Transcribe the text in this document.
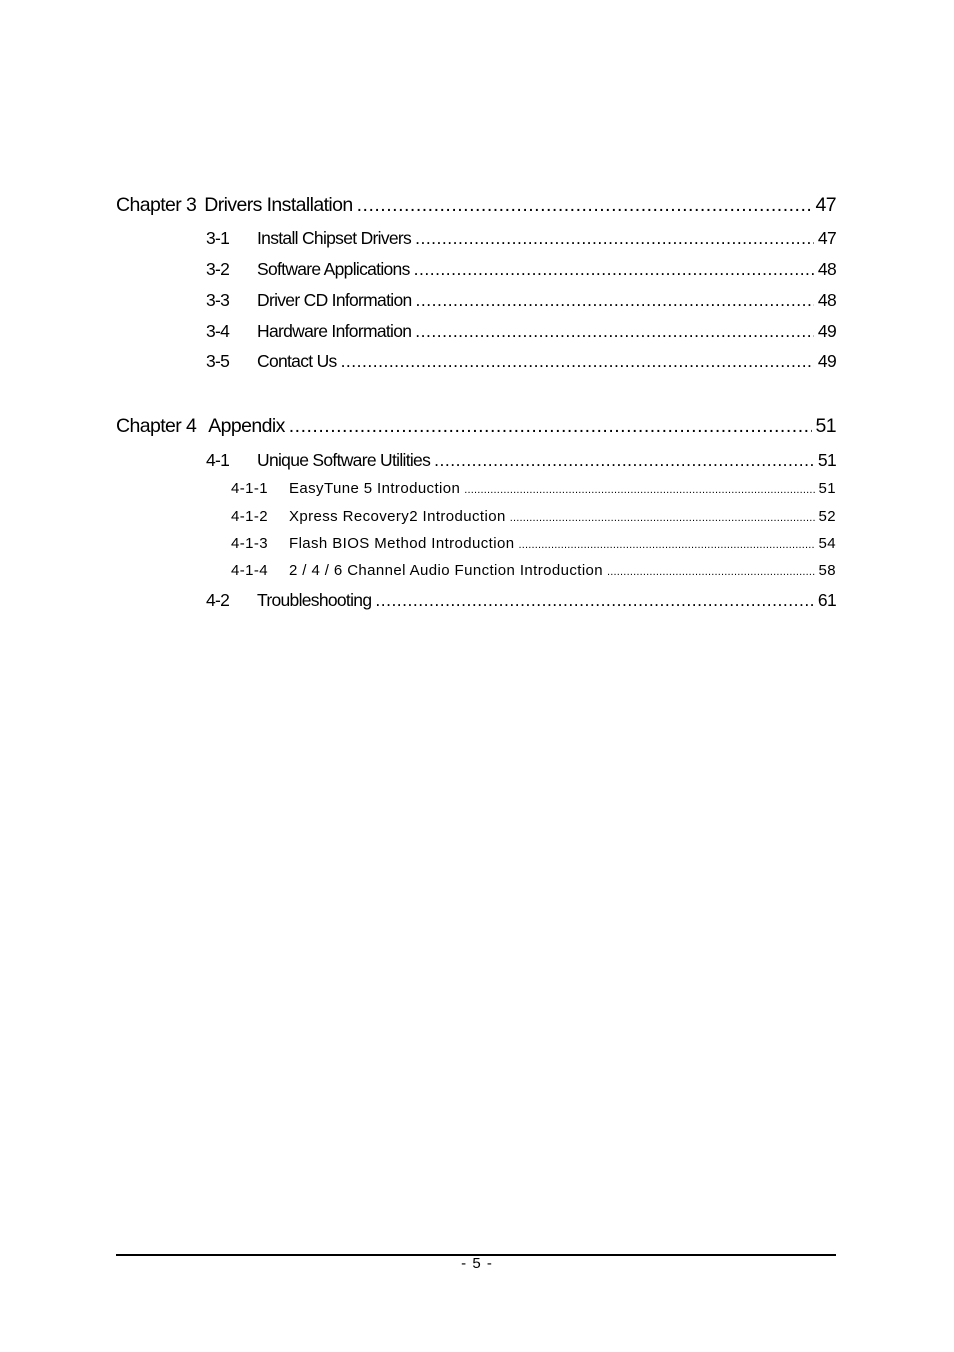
Chapter 3 Drivers Installation .....	47
3-1	Install Chipset Drivers .....	47
3-2	Software Applications .....	48
3-3	Driver CD Information .....	48
3-4	Hardware Information .....	49
3-5	Contact Us .....	49
Chapter 4 Appendix .....	51
4-1	Unique Software Utilities .....	51
4-1-1	EasyTune 5 Introduction .....	51
4-1-2	Xpress Recovery2 Introduction .....	52
4-1-3	Flash BIOS Method Introduction .....	54
4-1-4	2 / 4 / 6 Channel Audio Function Introduction .....	58
4-2	Troubleshooting .....	61
- 5 -
